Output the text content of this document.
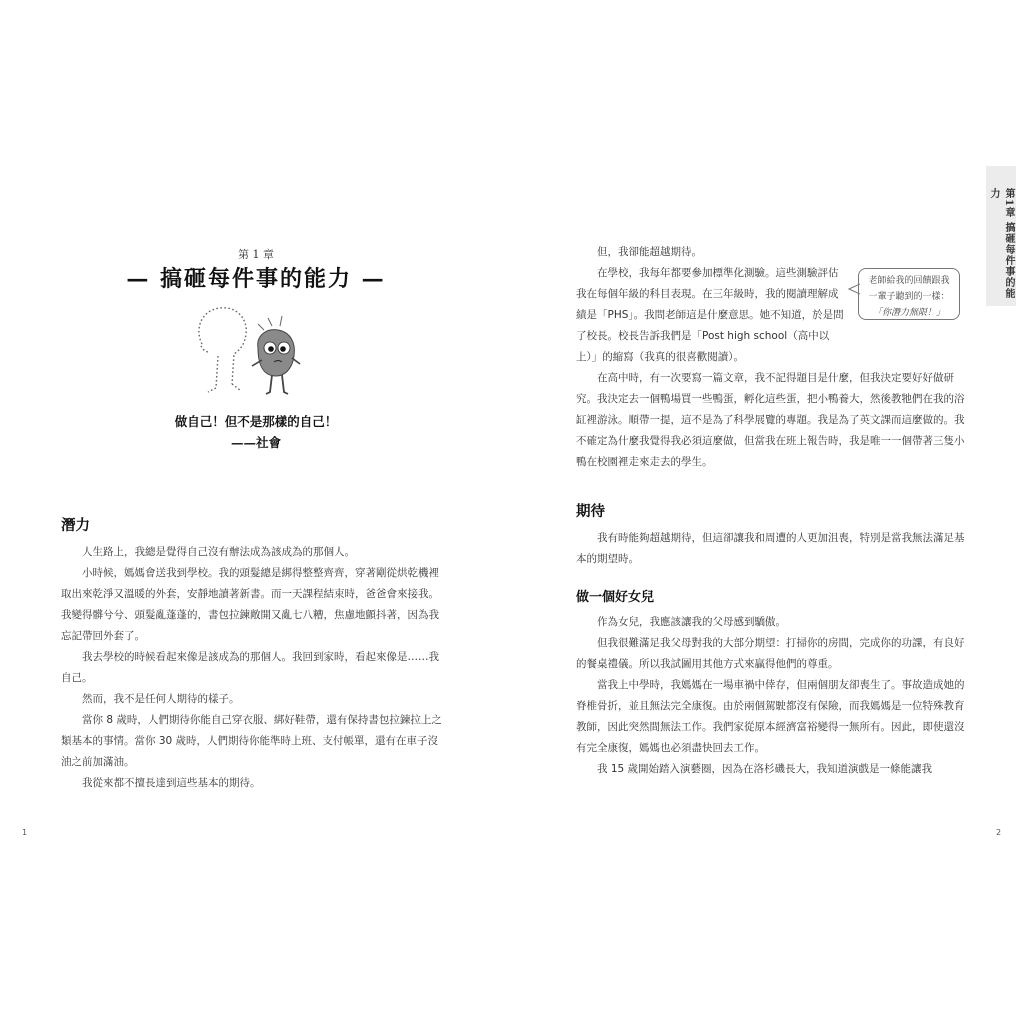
第 1 章
— 搞砸每件事的能力 —
做自己！但不是那樣的自己！
——社會
潛力

人生路上，我總是覺得自己沒有辦法成為該成為的那個人。

小時候，媽媽會送我到學校。我的頭髮總是綁得整整齊齊，穿著剛從烘乾機裡取出來乾淨又溫暖的外套，安靜地讀著新書。而一天課程結束時，爸爸會來接我。我變得髒兮兮、頭髮亂蓬蓬的，書包拉鍊敞開又亂七八糟，焦慮地顫抖著，因為我忘記帶回外套了。

我去學校的時候看起來像是該成為的那個人。我回到家時，看起來像是……我自己。

然而，我不是任何人期待的樣子。

當你 8 歲時，人們期待你能自己穿衣服、綁好鞋帶，還有保持書包拉鍊拉上之類基本的事情。當你 30 歲時，人們期待你能準時上班、支付帳單，還有在車子沒油之前加滿油。

我從來都不擅長達到這些基本的期待。

1

但，我卻能超越期待。

在學校，我每年都要參加標準化測驗。這些測驗評估我在每個年級的科目表現。在三年級時，我的閱讀理解成績是「PHS」。我問老師這是什麼意思。她不知道，於是問了校長。校長告訴我們是「Post high school（高中以上）」的縮寫（我真的很喜歡閱讀）。

在高中時，有一次要寫一篇文章，我不記得題目是什麼，但我決定要好好做研究。我決定去一個鴨場買一些鴨蛋，孵化這些蛋，把小鴨養大，然後教牠們在我的浴缸裡游泳。順帶一提，這不是為了科學展覽的專題。我是為了英文課而這麼做的。我不確定為什麼我覺得我必須這麼做，但當我在班上報告時，我是唯一一個帶著三隻小鴨在校園裡走來走去的學生。

老師給我的回饋跟我
一輩子聽到的一樣：
「你潛力無限！」
期待

我有時能夠超越期待，但這卻讓我和周遭的人更加沮喪，特別是當我無法滿足基本的期望時。

做一個好女兒

作為女兒，我應該讓我的父母感到驕傲。

但我很難滿足我父母對我的大部分期望：打掃你的房間，完成你的功課，有良好的餐桌禮儀。所以我試圖用其他方式來贏得他們的尊重。

當我上中學時，我媽媽在一場車禍中倖存，但兩個朋友卻喪生了。事故造成她的脊椎骨折，並且無法完全康復。由於兩個駕駛都沒有保險，而我媽媽是一位特殊教育教師，因此突然間無法工作。我們家從原本經濟富裕變得一無所有。因此，即使還沒有完全康復，媽媽也必須盡快回去工作。

我 15 歲開始踏入演藝圈，因為在洛杉磯長大，我知道演戲是一條能讓我

第1章 搞砸每件事的能力
2
